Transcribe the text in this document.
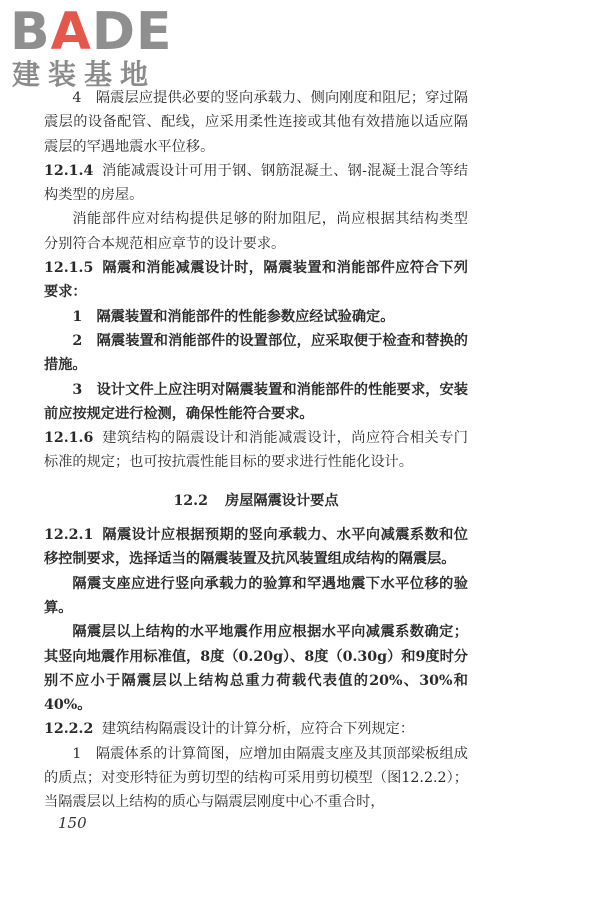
BADE
建装基地

4　隔震层应提供必要的竖向承载力、侧向刚度和阻尼；穿过隔震层的设备配管、配线，应采用柔性连接或其他有效措施以适应隔震层的罕遇地震水平位移。

12.1.4 消能减震设计可用于钢、钢筋混凝土、钢-混凝土混合等结构类型的房屋。

消能部件应对结构提供足够的附加阻尼，尚应根据其结构类型分别符合本规范相应章节的设计要求。

12.1.5 隔震和消能减震设计时，隔震装置和消能部件应符合下列要求：

1　隔震装置和消能部件的性能参数应经试验确定。

2　隔震装置和消能部件的设置部位，应采取便于检查和替换的措施。

3　设计文件上应注明对隔震装置和消能部件的性能要求，安装前应按规定进行检测，确保性能符合要求。

12.1.6 建筑结构的隔震设计和消能减震设计，尚应符合相关专门标准的规定；也可按抗震性能目标的要求进行性能化设计。

12.2 房屋隔震设计要点

12.2.1 隔震设计应根据预期的竖向承载力、水平向减震系数和位移控制要求，选择适当的隔震装置及抗风装置组成结构的隔震层。

隔震支座应进行竖向承载力的验算和罕遇地震下水平位移的验算。

隔震层以上结构的水平地震作用应根据水平向减震系数确定；其竖向地震作用标准值，8度（0.20g）、8度（0.30g）和9度时分别不应小于隔震层以上结构总重力荷载代表值的20%、30%和40%。

12.2.2 建筑结构隔震设计的计算分析，应符合下列规定：

1　隔震体系的计算简图，应增加由隔震支座及其顶部梁板组成的质点；对变形特征为剪切型的结构可采用剪切模型（图12.2.2）；当隔震层以上结构的质心与隔震层刚度中心不重合时，

150
